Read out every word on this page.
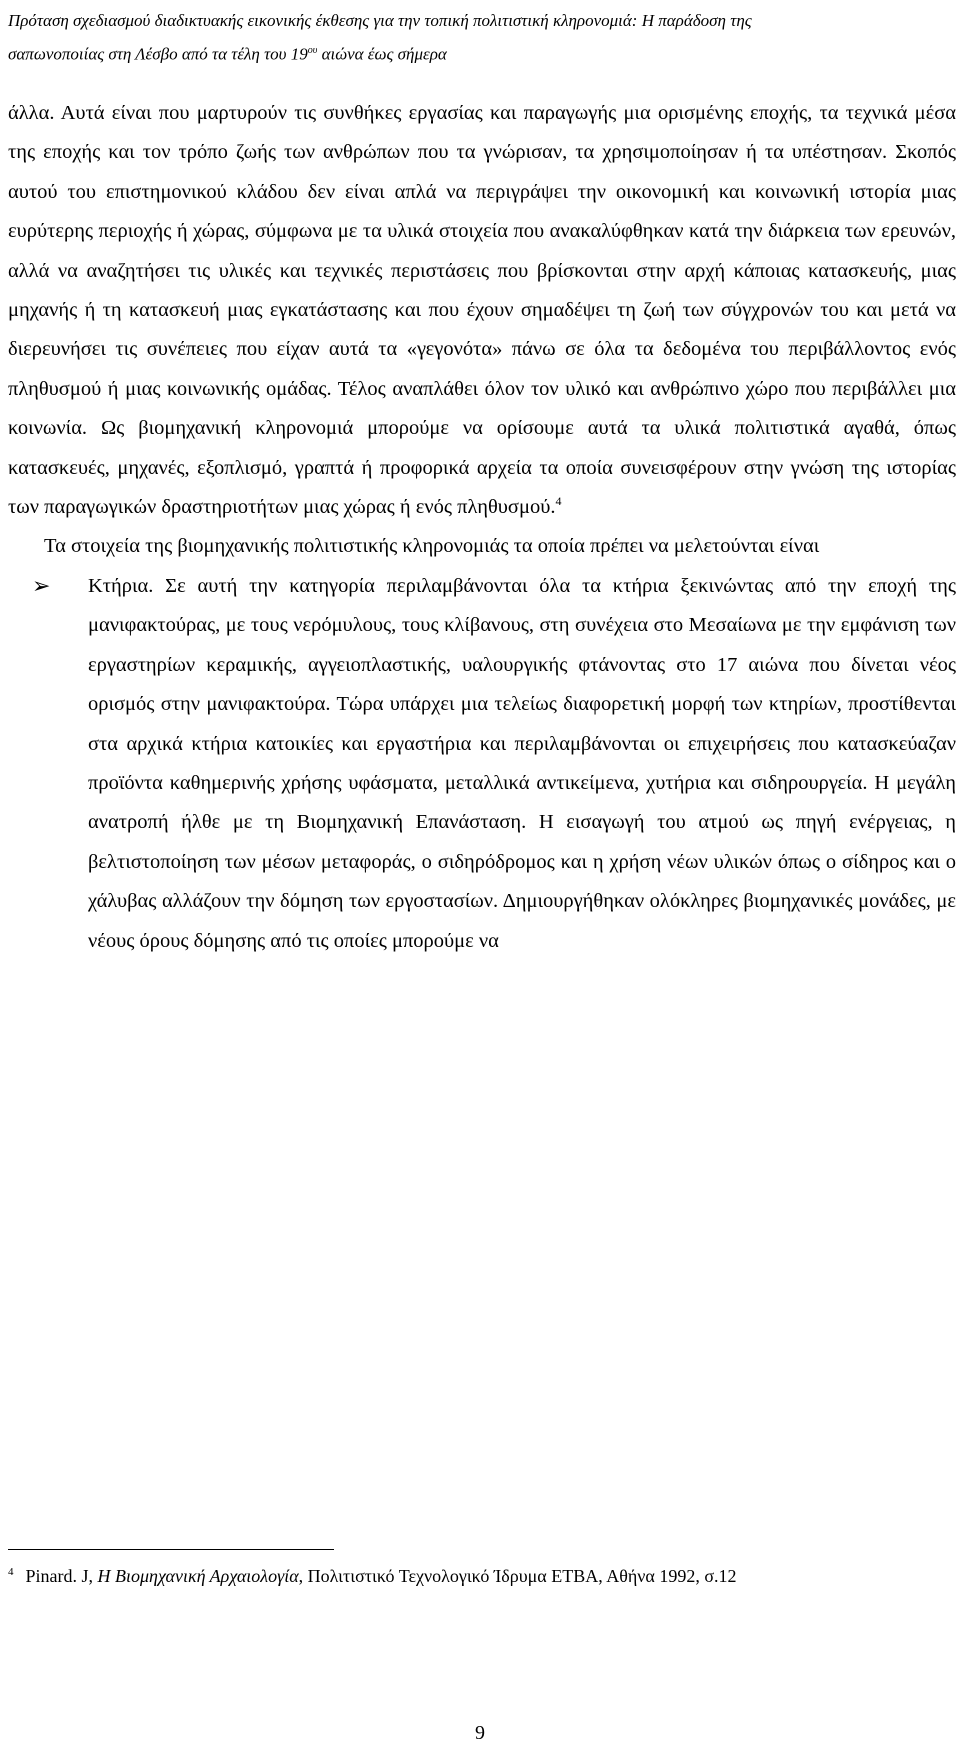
Πρόταση σχεδιασμού διαδικτυακής εικονικής έκθεσης για την τοπική πολιτιστική κληρονομιά: Η παράδοση της
σαπωνοποιίας στη Λέσβο από τα τέλη του $19^{o\upsilon}$ αιώνα έως σήμερα

άλλα. Αυτά είναι που μαρτυρούν τις συνθήκες εργασίας και παραγωγής μια ορισμένης εποχής, τα τεχνικά μέσα της εποχής και τον τρόπο ζωής των ανθρώπων που τα γνώρισαν, τα χρησιμοποίησαν ή τα υπέστησαν. Σκοπός αυτού του επιστημονικού κλάδου δεν είναι απλά να περιγράψει την οικονομική και κοινωνική ιστορία μιας ευρύτερης περιοχής ή χώρας, σύμφωνα με τα υλικά στοιχεία που ανακαλύφθηκαν κατά την διάρκεια των ερευνών, αλλά να αναζητήσει τις υλικές και τεχνικές περιστάσεις που βρίσκονται στην αρχή κάποιας κατασκευής, μιας μηχανής ή τη κατασκευή μιας εγκατάστασης και που έχουν σημαδέψει τη ζωή των σύγχρονών του και μετά να διερευνήσει τις συνέπειες που είχαν αυτά τα «γεγονότα» πάνω σε όλα τα δεδομένα του περιβάλλοντος ενός πληθυσμού ή μιας κοινωνικής ομάδας. Τέλος αναπλάθει όλον τον υλικό και ανθρώπινο χώρο που περιβάλλει μια κοινωνία. Ως βιομηχανική κληρονομιά μπορούμε να ορίσουμε αυτά τα υλικά πολιτιστικά αγαθά, όπως κατασκευές, μηχανές, εξοπλισμό, γραπτά ή προφορικά αρχεία τα οποία συνεισφέρουν στην γνώση της ιστορίας των παραγωγικών δραστηριοτήτων μιας χώρας ή ενός πληθυσμού.$^4$

Τα στοιχεία της βιομηχανικής πολιτιστικής κληρονομιάς τα οποία πρέπει να μελετούνται είναι

➢ Κτήρια. Σε αυτή την κατηγορία περιλαμβάνονται όλα τα κτήρια ξεκινώντας από την εποχή της μανιφακτούρας, με τους νερόμυλους, τους κλίβανους, στη συνέχεια στο Μεσαίωνα με την εμφάνιση των εργαστηρίων κεραμικής, αγγειοπλαστικής, υαλουργικής φτάνοντας στο 17 αιώνα που δίνεται νέος ορισμός στην μανιφακτούρα. Τώρα υπάρχει μια τελείως διαφορετική μορφή των κτηρίων, προστίθενται στα αρχικά κτήρια κατοικίες και εργαστήρια και περιλαμβάνονται οι επιχειρήσεις που κατασκεύαζαν προϊόντα καθημερινής χρήσης υφάσματα, μεταλλικά αντικείμενα, χυτήρια και σιδηρουργεία. Η μεγάλη ανατροπή ήλθε με τη Βιομηχανική Επανάσταση. Η εισαγωγή του ατμού ως πηγή ενέργειας, η βελτιστοποίηση των μέσων μεταφοράς, ο σιδηρόδρομος και η χρήση νέων υλικών όπως ο σίδηρος και ο χάλυβας αλλάζουν την δόμηση των εργοστασίων. Δημιουργήθηκαν ολόκληρες βιομηχανικές μονάδες, με νέους όρους δόμησης από τις οποίες μπορούμε να
$^4$ Pinard. J, Η Βιομηχανική Αρχαιολογία, Πολιτιστικό Τεχνολογικό Ίδρυμα ΕΤΒΑ, Αθήνα 1992, σ.12
9
